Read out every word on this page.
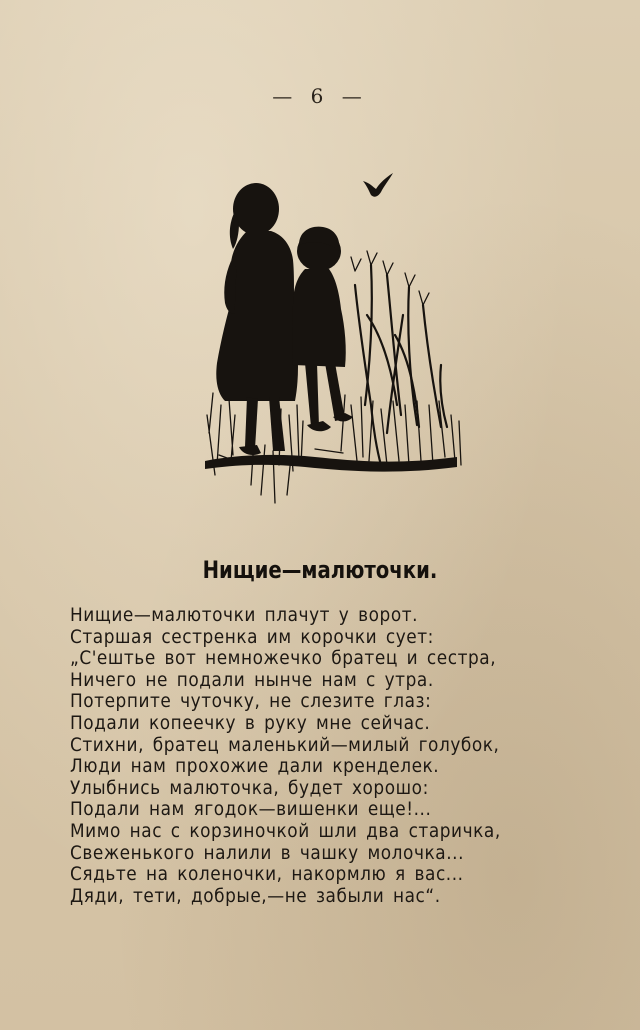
— 6 —
Нищие—малюточки.
Нищие—малюточки плачут у ворот.
Старшая сестренка им корочки сует:
„С'ештье вот немножечко братец и сестра,
Ничего не подали нынче нам с утра.
Потерпите чуточку, не слезите глаз:
Подали копеечку в руку мне сейчас.
Стихни, братец маленький—милый голубок,
Люди нам прохожие дали кренделек.
Улыбнись малюточка, будет хорошо:
Подали нам ягодок—вишенки еще!...
Мимо нас с корзиночкой шли два старичка,
Свеженького налили в чашку молочка...
Сядьте на коленочки, накормлю я вас...
Дяди, тети, добрые,—не забыли нас“.
